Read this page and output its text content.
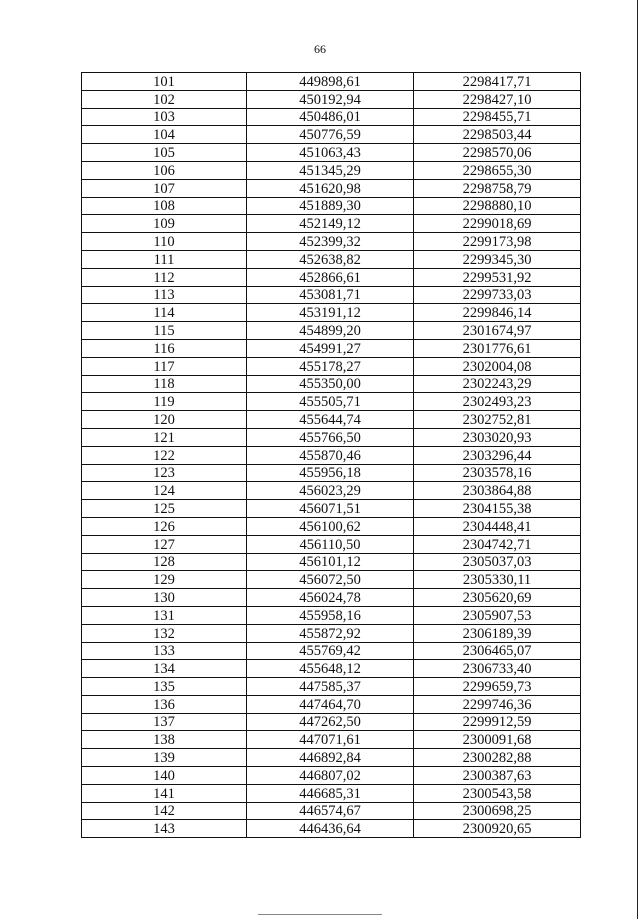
66
101	449898,61	2298417,71
102	450192,94	2298427,10
103	450486,01	2298455,71
104	450776,59	2298503,44
105	451063,43	2298570,06
106	451345,29	2298655,30
107	451620,98	2298758,79
108	451889,30	2298880,10
109	452149,12	2299018,69
110	452399,32	2299173,98
111	452638,82	2299345,30
112	452866,61	2299531,92
113	453081,71	2299733,03
114	453191,12	2299846,14
115	454899,20	2301674,97
116	454991,27	2301776,61
117	455178,27	2302004,08
118	455350,00	2302243,29
119	455505,71	2302493,23
120	455644,74	2302752,81
121	455766,50	2303020,93
122	455870,46	2303296,44
123	455956,18	2303578,16
124	456023,29	2303864,88
125	456071,51	2304155,38
126	456100,62	2304448,41
127	456110,50	2304742,71
128	456101,12	2305037,03
129	456072,50	2305330,11
130	456024,78	2305620,69
131	455958,16	2305907,53
132	455872,92	2306189,39
133	455769,42	2306465,07
134	455648,12	2306733,40
135	447585,37	2299659,73
136	447464,70	2299746,36
137	447262,50	2299912,59
138	447071,61	2300091,68
139	446892,84	2300282,88
140	446807,02	2300387,63
141	446685,31	2300543,58
142	446574,67	2300698,25
143	446436,64	2300920,65
